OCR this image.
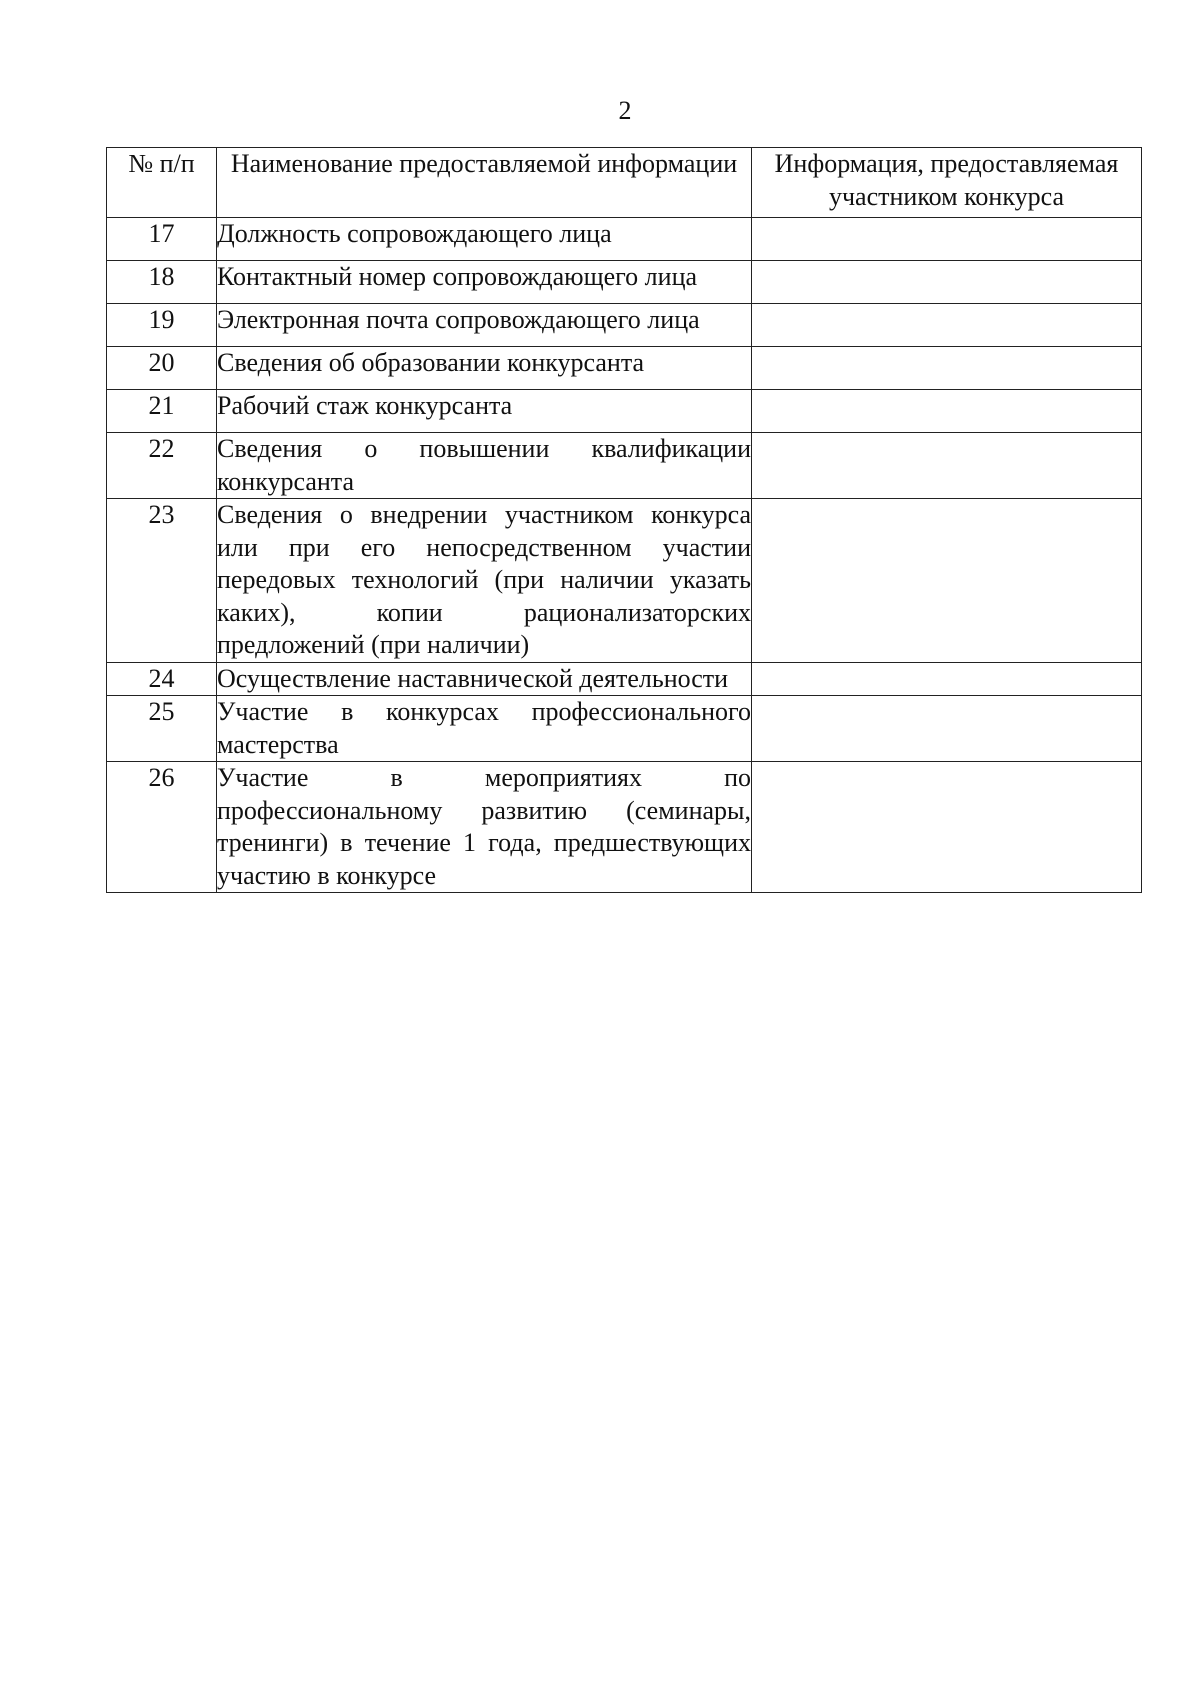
2
№ п/п	Наименование предоставляемой информации	Информация, предоставляемая участником конкурса
17	Должность сопровождающего лица	
18	Контактный номер сопровождающего лица	
19	Электронная почта сопровождающего лица	
20	Сведения об образовании конкурсанта	
21	Рабочий стаж конкурсанта	
22	Сведения о повышении квалификации конкурсанта	
23	Сведения о внедрении участником конкурса или при его непосредственном участии передовых технологий (при наличии указать каких), копии рационализаторских предложений (при наличии)	
24	Осуществление наставнической деятельности	
25	Участие в конкурсах профессионального мастерства	
26	Участие в мероприятиях по профессиональному развитию (семинары, тренинги) в течение 1 года, предшествующих участию в конкурсе	
